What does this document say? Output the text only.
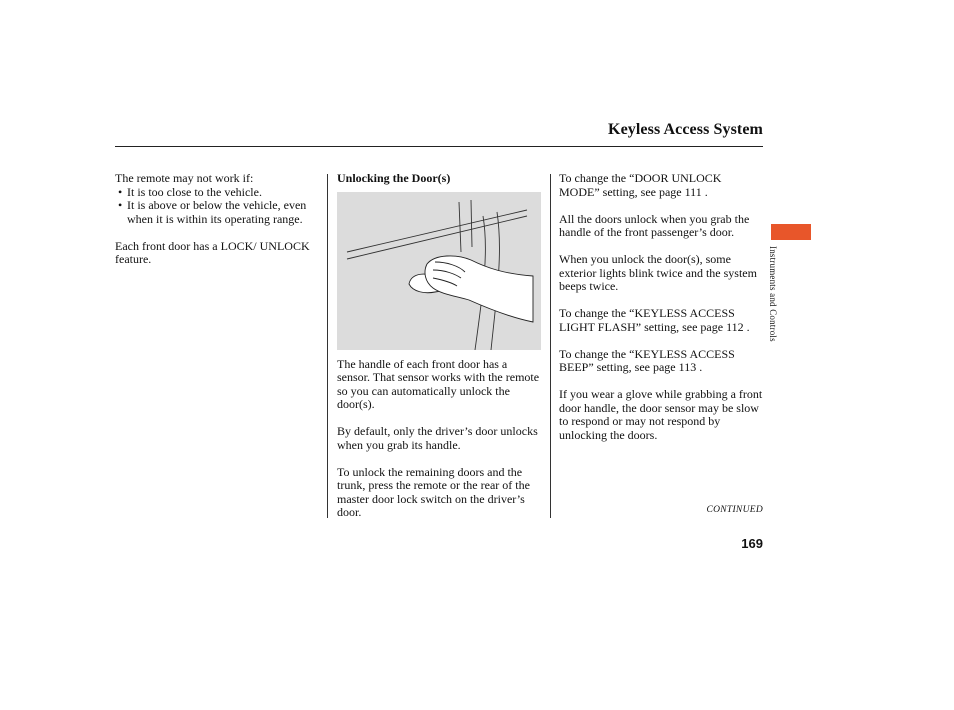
Keyless Access System

The remote may not work if:

• It is too close to the vehicle.
• It is above or below the vehicle, even when it is within its operating range.

Each front door has a LOCK/ UNLOCK feature.

Unlocking the Door(s)

The handle of each front door has a sensor. That sensor works with the remote so you can automatically unlock the door(s).

By default, only the driver’s door unlocks when you grab its handle.

To unlock the remaining doors and the trunk, press the remote or the rear of the master door lock switch on the driver’s door.

To change the “DOOR UNLOCK MODE” setting, see page 111 .

All the doors unlock when you grab the handle of the front passenger’s door.

When you unlock the door(s), some exterior lights blink twice and the system beeps twice.

To change the “KEYLESS ACCESS LIGHT FLASH” setting, see page 112 .

To change the “KEYLESS ACCESS BEEP” setting, see page 113 .

If you wear a glove while grabbing a front door handle, the door sensor may be slow to respond or may not respond by unlocking the doors.

Instruments and Controls
CONTINUED
169
